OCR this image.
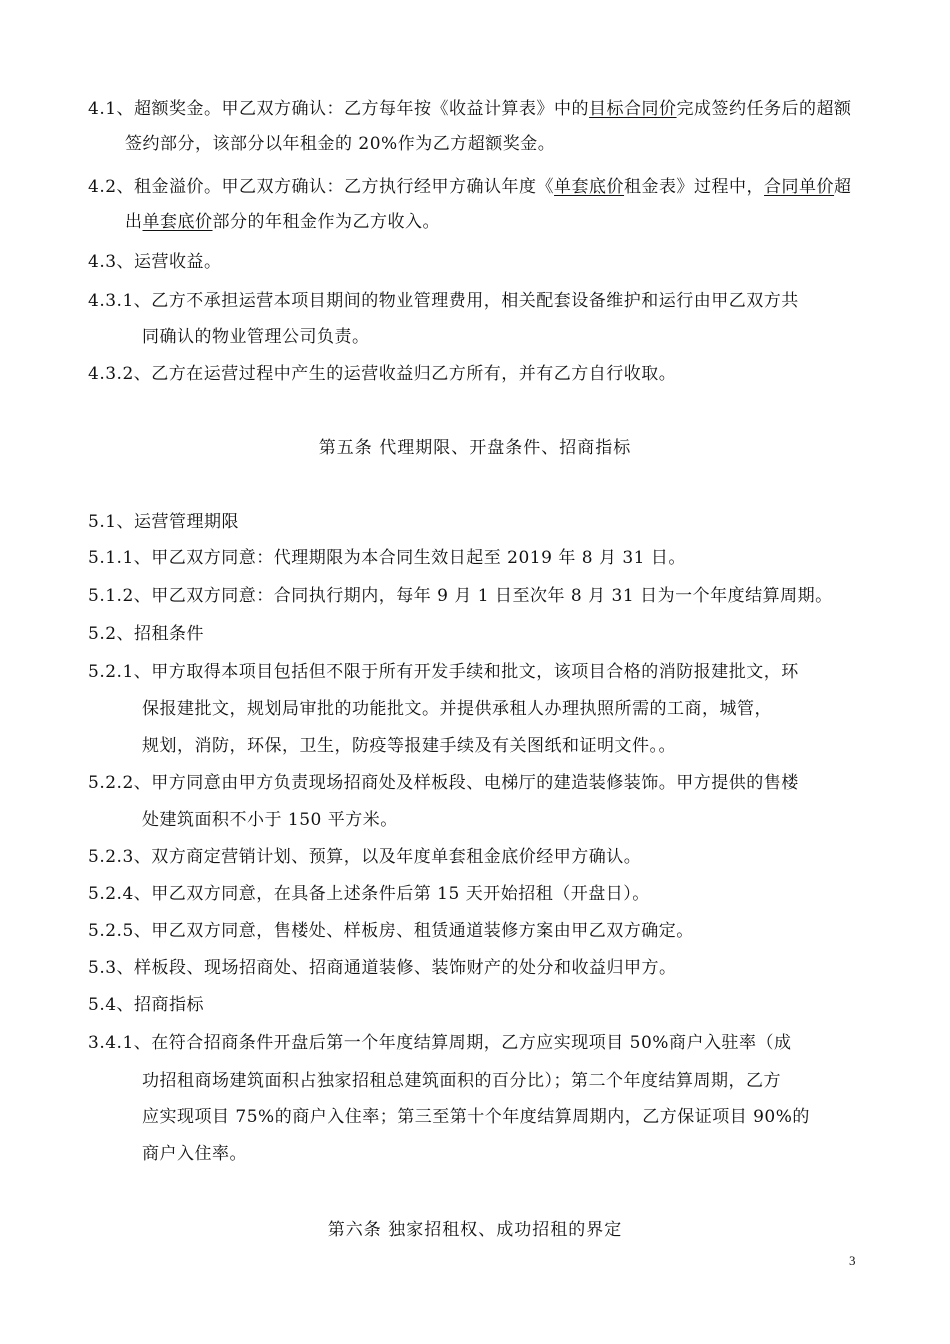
4.1、超额奖金。甲乙双方确认：乙方每年按《收益计算表》中的目标合同价完成签约任务后的超额
签约部分，该部分以年租金的 20%作为乙方超额奖金。
4.2、租金溢价。甲乙双方确认：乙方执行经甲方确认年度《单套底价租金表》过程中，合同单价超
出单套底价部分的年租金作为乙方收入。
4.3、运营收益。
4.3.1、乙方不承担运营本项目期间的物业管理费用，相关配套设备维护和运行由甲乙双方共
同确认的物业管理公司负责。
4.3.2、乙方在运营过程中产生的运营收益归乙方所有，并有乙方自行收取。
第五条 代理期限、开盘条件、招商指标
5.1、运营管理期限
5.1.1、甲乙双方同意：代理期限为本合同生效日起至 2019 年 8 月 31 日。
5.1.2、甲乙双方同意：合同执行期内，每年 9 月 1 日至次年 8 月 31 日为一个年度结算周期。
5.2、招租条件
5.2.1、甲方取得本项目包括但不限于所有开发手续和批文，该项目合格的消防报建批文，环
保报建批文，规划局审批的功能批文。并提供承租人办理执照所需的工商，城管，
规划，消防，环保，卫生，防疫等报建手续及有关图纸和证明文件。。
5.2.2、甲方同意由甲方负责现场招商处及样板段、电梯厅的建造装修装饰。甲方提供的售楼
处建筑面积不小于 150 平方米。
5.2.3、双方商定营销计划、预算，以及年度单套租金底价经甲方确认。
5.2.4、甲乙双方同意，在具备上述条件后第 15 天开始招租（开盘日）。
5.2.5、甲乙双方同意，售楼处、样板房、租赁通道装修方案由甲乙双方确定。
5.3、样板段、现场招商处、招商通道装修、装饰财产的处分和收益归甲方。
5.4、招商指标
3.4.1、在符合招商条件开盘后第一个年度结算周期，乙方应实现项目 50%商户入驻率（成
功招租商场建筑面积占独家招租总建筑面积的百分比）；第二个年度结算周期，乙方
应实现项目 75%的商户入住率；第三至第十个年度结算周期内，乙方保证项目 90%的
商户入住率。
第六条 独家招租权、成功招租的界定
3
